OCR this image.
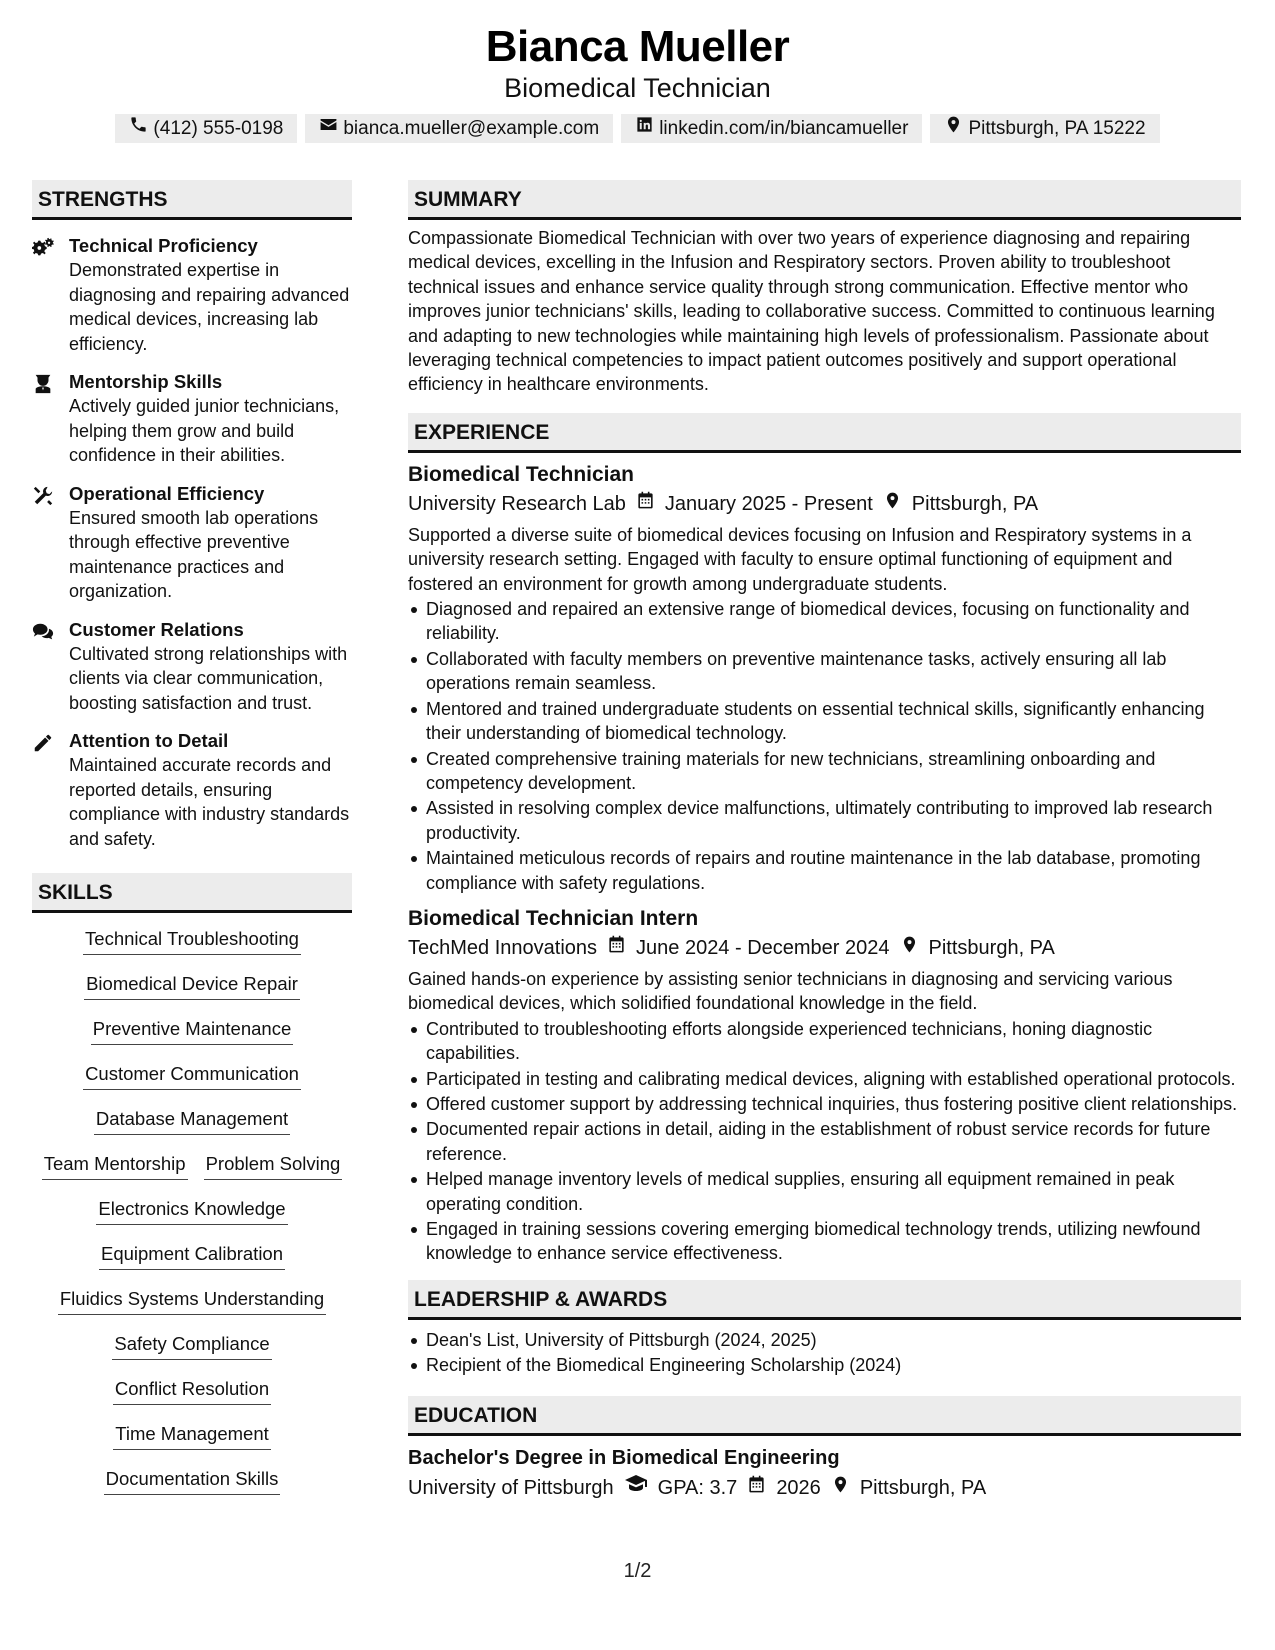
Bianca Mueller
Biomedical Technician
(412) 555-0198	bianca.mueller@example.com	linkedin.com/in/biancamueller	Pittsburgh, PA 15222
STRENGTHS
Technical Proficiency
Demonstrated expertise in diagnosing and repairing advanced medical devices, increasing lab efficiency.
Mentorship Skills
Actively guided junior technicians, helping them grow and build confidence in their abilities.
Operational Efficiency
Ensured smooth lab operations through effective preventive maintenance practices and organization.
Customer Relations
Cultivated strong relationships with clients via clear communication, boosting satisfaction and trust.
Attention to Detail
Maintained accurate records and reported details, ensuring compliance with industry standards and safety.
SKILLS
Technical Troubleshooting
Biomedical Device Repair
Preventive Maintenance
Customer Communication
Database Management
Team Mentorship Problem Solving
Electronics Knowledge
Equipment Calibration
Fluidics Systems Understanding
Safety Compliance
Conflict Resolution
Time Management
Documentation Skills
SUMMARY
Compassionate Biomedical Technician with over two years of experience diagnosing and repairing medical devices, excelling in the Infusion and Respiratory sectors. Proven ability to troubleshoot technical issues and enhance service quality through strong communication. Effective mentor who improves junior technicians' skills, leading to collaborative success. Committed to continuous learning and adapting to new technologies while maintaining high levels of professionalism. Passionate about leveraging technical competencies to impact patient outcomes positively and support operational efficiency in healthcare environments.
EXPERIENCE
Biomedical Technician
University Research Lab January 2025 - Present Pittsburgh, PA
Supported a diverse suite of biomedical devices focusing on Infusion and Respiratory systems in a university research setting. Engaged with faculty to ensure optimal functioning of equipment and fostered an environment for growth among undergraduate students.
Diagnosed and repaired an extensive range of biomedical devices, focusing on functionality and reliability.
Collaborated with faculty members on preventive maintenance tasks, actively ensuring all lab operations remain seamless.
Mentored and trained undergraduate students on essential technical skills, significantly enhancing their understanding of biomedical technology.
Created comprehensive training materials for new technicians, streamlining onboarding and competency development.
Assisted in resolving complex device malfunctions, ultimately contributing to improved lab research productivity.
Maintained meticulous records of repairs and routine maintenance in the lab database, promoting compliance with safety regulations.
Biomedical Technician Intern
TechMed Innovations June 2024 - December 2024 Pittsburgh, PA
Gained hands-on experience by assisting senior technicians in diagnosing and servicing various biomedical devices, which solidified foundational knowledge in the field.
Contributed to troubleshooting efforts alongside experienced technicians, honing diagnostic capabilities.
Participated in testing and calibrating medical devices, aligning with established operational protocols.
Offered customer support by addressing technical inquiries, thus fostering positive client relationships.
Documented repair actions in detail, aiding in the establishment of robust service records for future reference.
Helped manage inventory levels of medical supplies, ensuring all equipment remained in peak operating condition.
Engaged in training sessions covering emerging biomedical technology trends, utilizing newfound knowledge to enhance service effectiveness.
LEADERSHIP & AWARDS
Dean's List, University of Pittsburgh (2024, 2025)
Recipient of the Biomedical Engineering Scholarship (2024)
EDUCATION
Bachelor's Degree in Biomedical Engineering
University of Pittsburgh GPA: 3.7 2026 Pittsburgh, PA
1/2
